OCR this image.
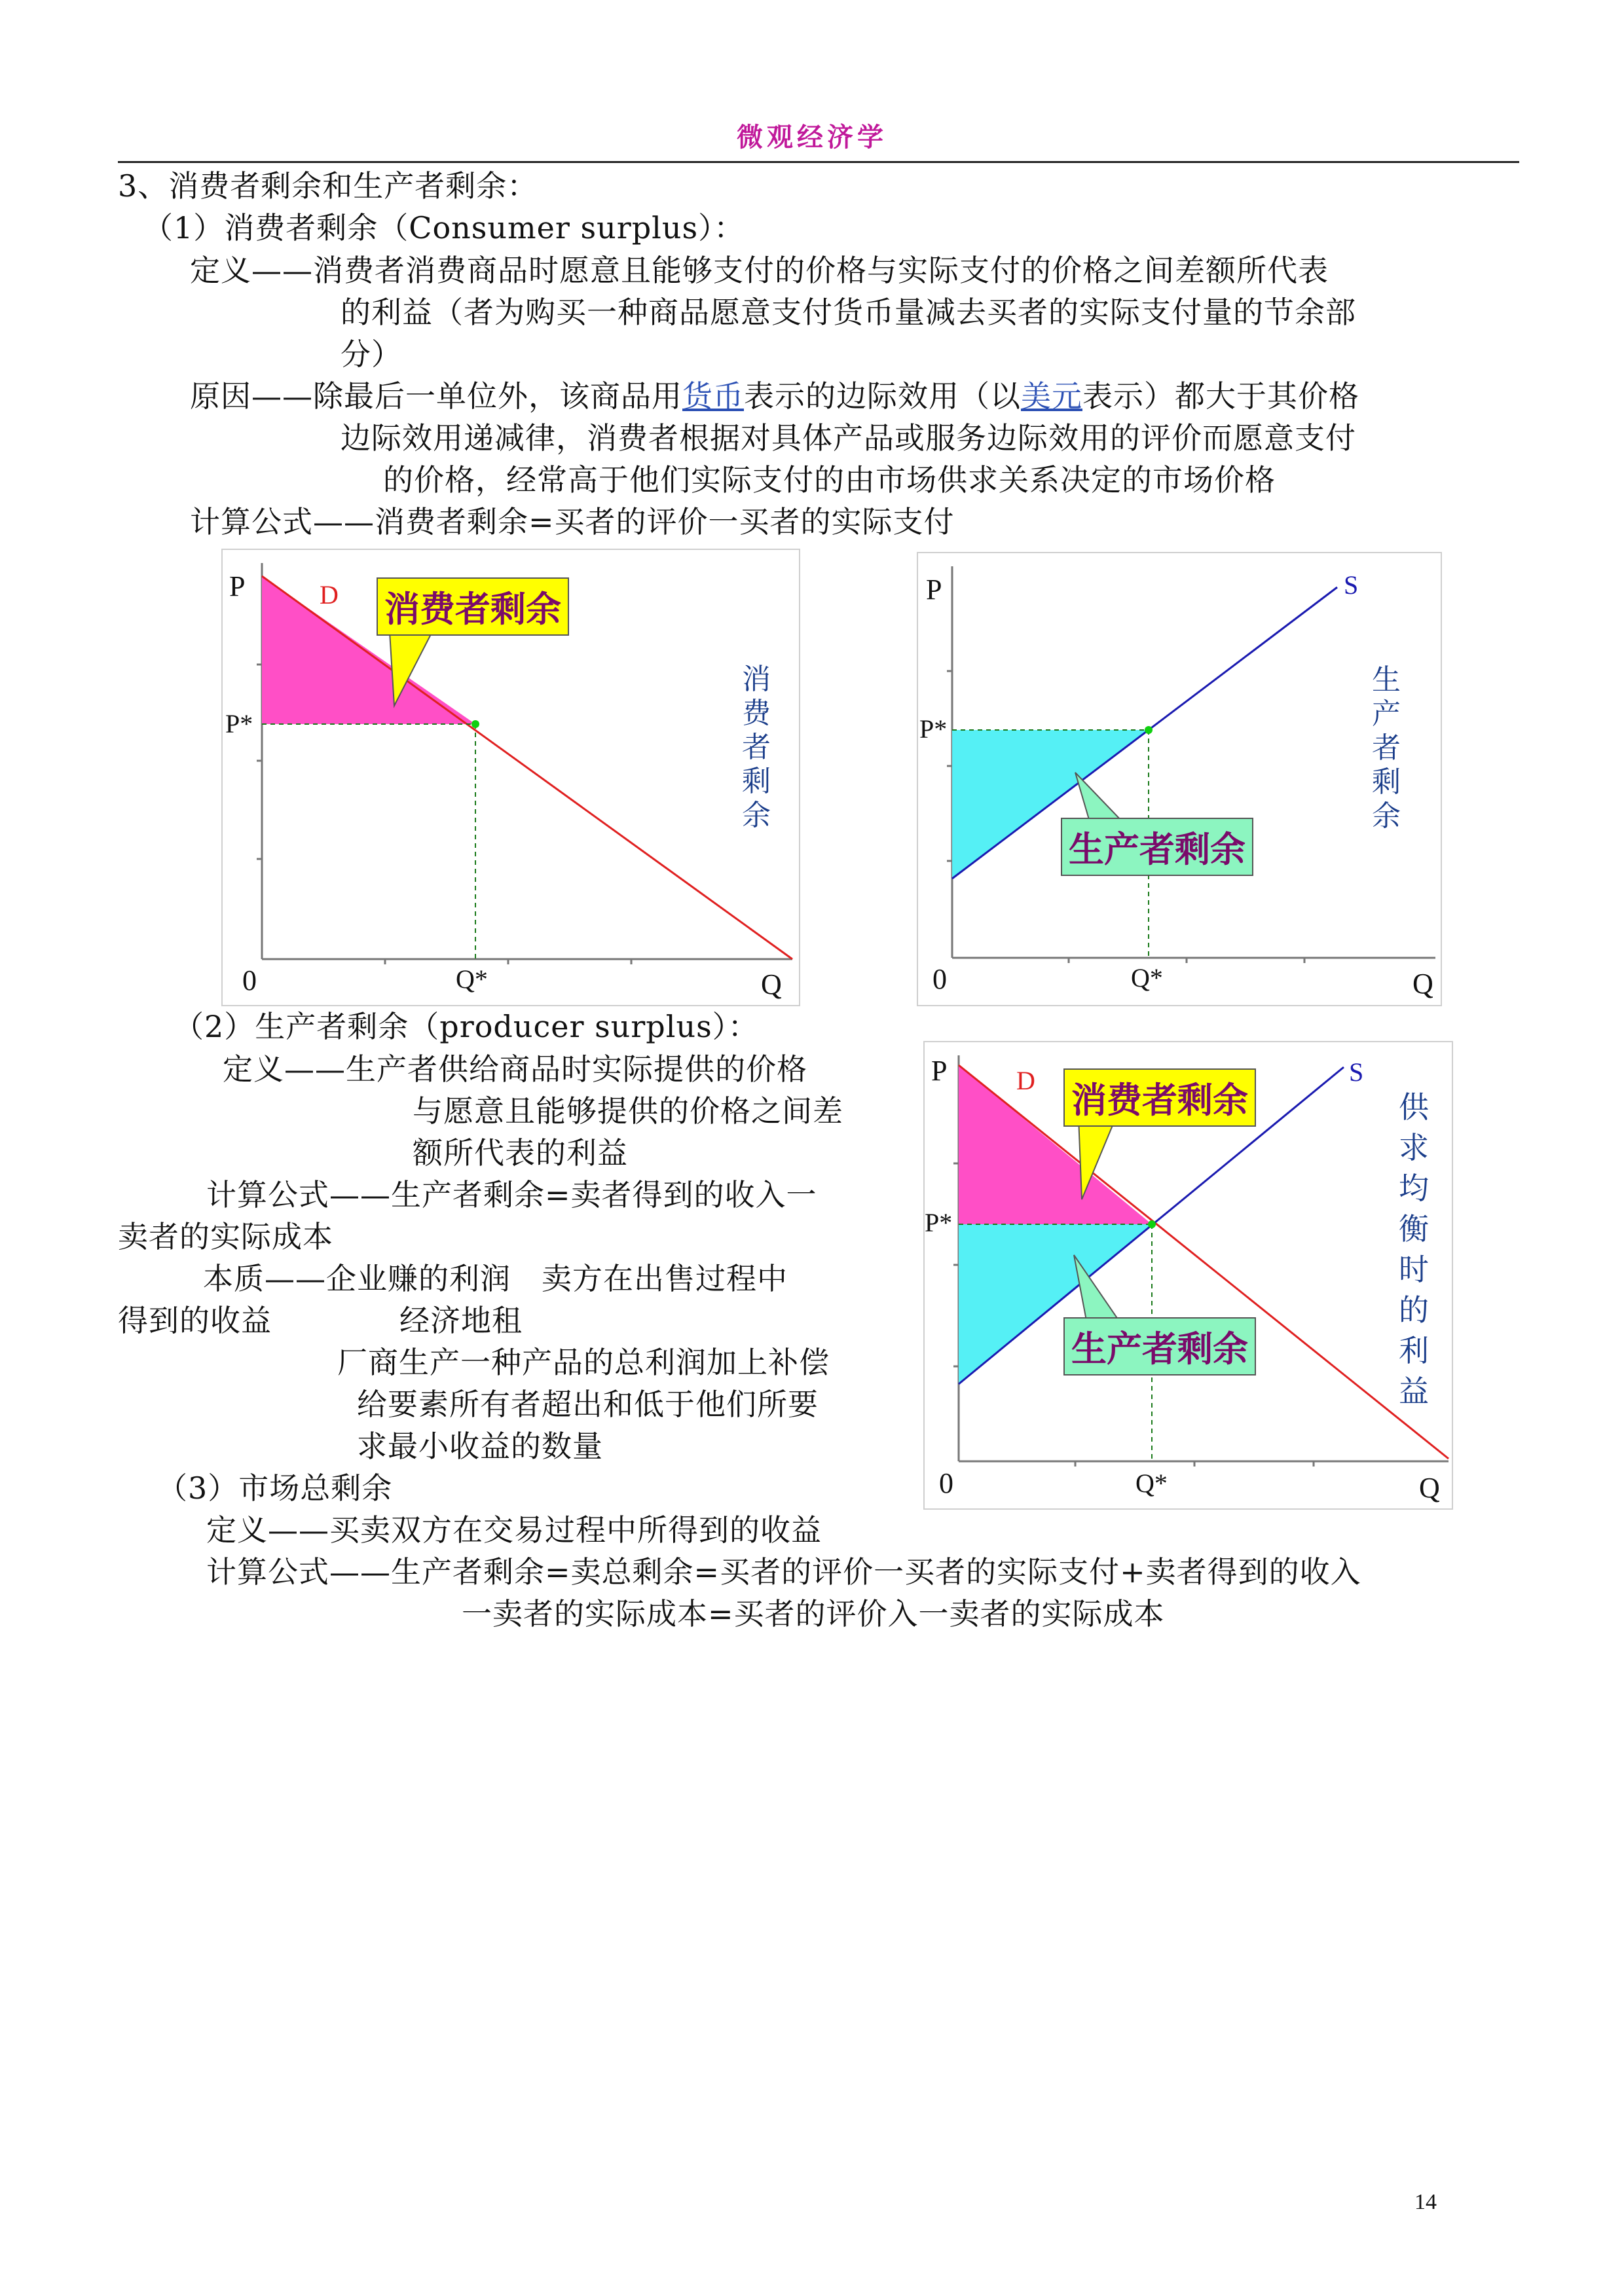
微观经济学
3、消费者剩余和生产者剩余：
（1）消费者剩余（Consumer surplus）：
定义——消费者消费商品时愿意且能够支付的价格与实际支付的价格之间差额所代表
的利益（者为购买一种商品愿意支付货币量减去买者的实际支付量的节余部
分）
原因——除最后一单位外，该商品用货币表示的边际效用（以美元表示）都大于其价格
边际效用递减律，消费者根据对具体产品或服务边际效用的评价而愿意支付
的价格，经常高于他们实际支付的由市场供求关系决定的市场价格
计算公式——消费者剩余=买者的评价一买者的实际支付
P	D
P*
0	Q*	Q
消费者剩余
消费者剩余
P	S
P*
0	Q*	Q
生产者剩余
生产者剩余
（2）生产者剩余（producer surplus）：
定义——生产者供给商品时实际提供的价格
与愿意且能够提供的价格之间差
额所代表的利益
计算公式——生产者剩余=卖者得到的收入一
卖者的实际成本
本质——企业赚的利润　卖方在出售过程中
得到的收益	经济地租
厂商生产一种产品的总利润加上补偿
给要素所有者超出和低于他们所要
求最小收益的数量
P	D	S
P*
0	Q*	Q
消费者剩余
生产者剩余
供求均衡时的利益
（3）市场总剩余
定义——买卖双方在交易过程中所得到的收益
计算公式——生产者剩余=卖总剩余=买者的评价一买者的实际支付+卖者得到的收入
一卖者的实际成本=买者的评价入一卖者的实际成本
14
